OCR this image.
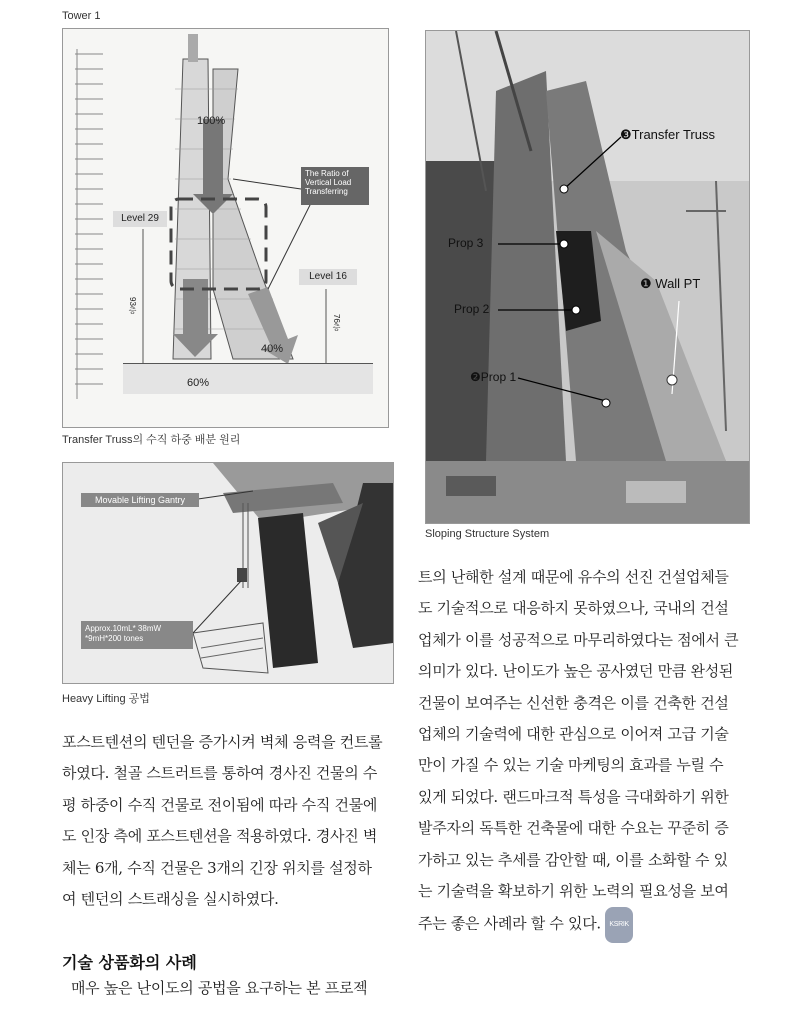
Tower 1
100%
40%
60%
Level 29
Level 16
93층
76층
The Ratio of Vertical Load Transferring
Transfer Truss의 수직 하중 배분 원리
❸Transfer Truss
❶ Wall PT
Prop 3
Prop 2
❷Prop 1
Sloping Structure System
Movable Lifting Gantry
Approx.10mL* 38mW *9mH*200 tones
Heavy Lifting 공법
포스트텐션의 텐던을 증가시켜 벽체 응력을 컨트롤
하였다. 철골 스트러트를 통하여 경사진 건물의 수
평 하중이 수직 건물로 전이됨에 따라 수직 건물에
도 인장 측에 포스트텐션을 적용하였다. 경사진 벽
체는 6개, 수직 건물은 3개의 긴장 위치를 설정하
여 텐던의 스트래싱을 실시하였다.
기술 상품화의 사례
매우 높은 난이도의 공법을 요구하는 본 프로젝
트의 난해한 설계 때문에 유수의 선진 건설업체들
도 기술적으로 대응하지 못하였으나, 국내의 건설
업체가 이를 성공적으로 마무리하였다는 점에서 큰
의미가 있다. 난이도가 높은 공사였던 만큼 완성된
건물이 보여주는 신선한 충격은 이를 건축한 건설
업체의 기술력에 대한 관심으로 이어져 고급 기술
만이 가질 수 있는 기술 마케팅의 효과를 누릴 수
있게 되었다. 랜드마크적 특성을 극대화하기 위한
발주자의 독특한 건축물에 대한 수요는 꾸준히 증
가하고 있는 추세를 감안할 때, 이를 소화할 수 있
는 기술력을 확보하기 위한 노력의 필요성을 보여
주는 좋은 사례라 할 수 있다. KSRIK
